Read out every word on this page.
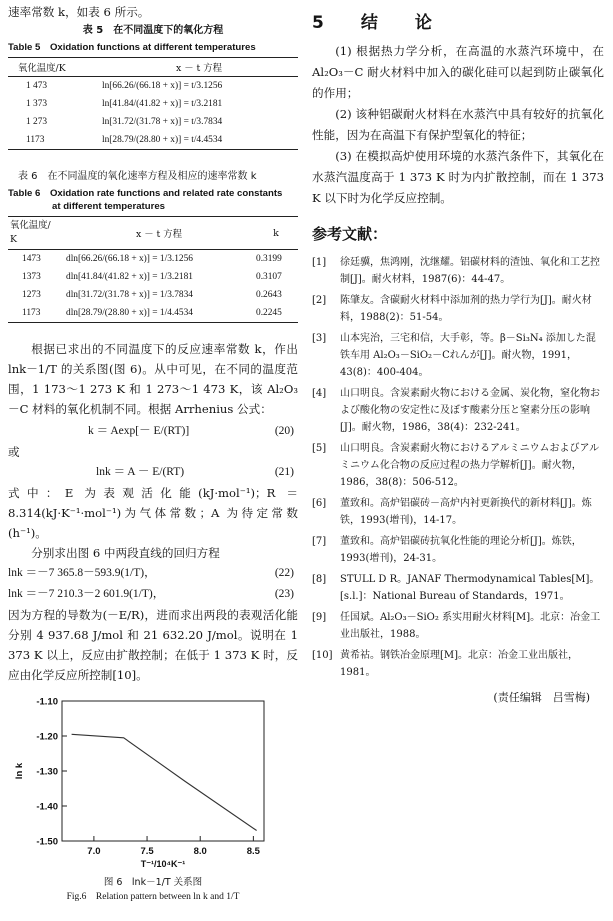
速率常数 k，如表 6 所示。

表 5　在不同温度下的氧化方程
Table 5　Oxidation functions at different temperatures
氧化温度/K	x － t 方程
1 473	ln[66.26/(66.18 + x)] = t/3.1256
1 373	ln[41.84/(41.82 + x)] = t/3.2181
1 273	ln[31.72/(31.78 + x)] = t/3.7834
1173	ln[28.79/(28.80 + x)] = t/4.4534
表 6　在不同温度的氧化速率方程及相应的速率常数 k
Table 6　Oxidation rate functions and related rate constants
at different temperatures
氧化温度/
K	x － t 方程	k
1473	dln[66.26/(66.18 + x)] = 1/3.1256	0.3199
1373	dln[41.84/(41.82 + x)] = 1/3.2181	0.3107
1273	dln[31.72/(31.78 + x)] = 1/3.7834	0.2643
1173	dln[28.79/(28.80 + x)] = 1/4.4534	0.2245

根据已求出的不同温度下的反应速率常数 k，作出 lnk－1/T 的关系图(图 6)。从中可见，在不同的温度范围，1 173～1 273 K 和 1 273～1 473 K，该 Al₂O₃－C 材料的氧化机制不同。根据 Arrhenius 公式：

k ＝ Aexp[－ E/(RT)]	(20)

或

lnk ＝ A － E/(RT)	(21)

式中：E 为表观活化能(kJ·mol⁻¹)；R ＝ 8.314(kJ·K⁻¹·mol⁻¹)为气体常数；A 为待定常数(h⁻¹)。

分别求出图 6 中两段直线的回归方程

lnk ＝－7 365.8－593.9(1/T)，	(22)
lnk ＝－7 210.3－2 601.9(1/T)，	(23)

因为方程的导数为(－E/R)，进而求出两段的表观活化能分别 4 937.68 J/mol 和 21 632.20 J/mol。说明在 1 373 K 以上，反应由扩散控制；在低于 1 373 K 时，反应由化学反应所控制[10]。

-1.10
-1.20
-1.30
-1.40
-1.50
7.0	7.5	8.0	8.5
T⁻¹/10⁴K⁻¹
ln k
图 6　lnk－1/T 关系图
Fig.6　Relation pattern between ln k and 1/T
5　结　论

(1) 根据热力学分析，在高温的水蒸汽环境中，在 Al₂O₃－C 耐火材料中加入的碳化硅可以起到防止碳氧化的作用；

(2) 该种铝碳耐火材料在水蒸汽中具有较好的抗氧化性能，因为在高温下有保护型氧化的特征；

(3) 在模拟高炉使用环境的水蒸汽条件下，其氧化在水蒸汽温度高于 1 373 K 时为内扩散控制，而在 1 373 K 以下时为化学反应控制。

参考文献：
[1]	徐廷骥，焦鸿刚，沈继耀。铝碳材料的渣蚀、氧化和工艺控制[J]。耐火材料，1987(6)：44-47。
[2]	陈肇友。含碳耐火材料中添加剂的热力学行为[J]。耐火材料，1988(2)：51-54。
[3]	山本宪治，三宅和信，大手彰，等。β－Si₃N₄ 添加した混铁车用 Al₂O₃－SiO₂－Cれんが[J]。耐火物，1991，43(8)：400-404。
[4]	山口明良。含炭素耐火物における金属、炭化物，窒化物および酸化物の安定性に及ぼす酸素分压と窒素分压の影响[J]。耐火物，1986，38(4)：232-241。
[5]	山口明良。含炭素耐火物におけるアルミニウムおよびアルミニウム化合物の反应过程の热力学解析[J]。耐火物，1986，38(8)：506-512。
[6]	董致和。高炉铝碳砖－高炉内衬更新换代的新材料[J]。炼铁，1993(增刊)，14-17。
[7]	董致和。高炉铝碳砖抗氧化性能的理论分析[J]。炼铁，1993(增刊)，24-31。
[8]	STULL D R。JANAF Thermodynamical Tables[M]。[s.l.]：National Bureau of Standards，1971。
[9]	任国斌。Al₂O₃－SiO₂ 系实用耐火材料[M]。北京：冶金工业出版社，1988。
[10] 黄希祜。钢铁冶金原理[M]。北京：冶金工业出版社，1981。
(责任编辑　吕雪梅)
